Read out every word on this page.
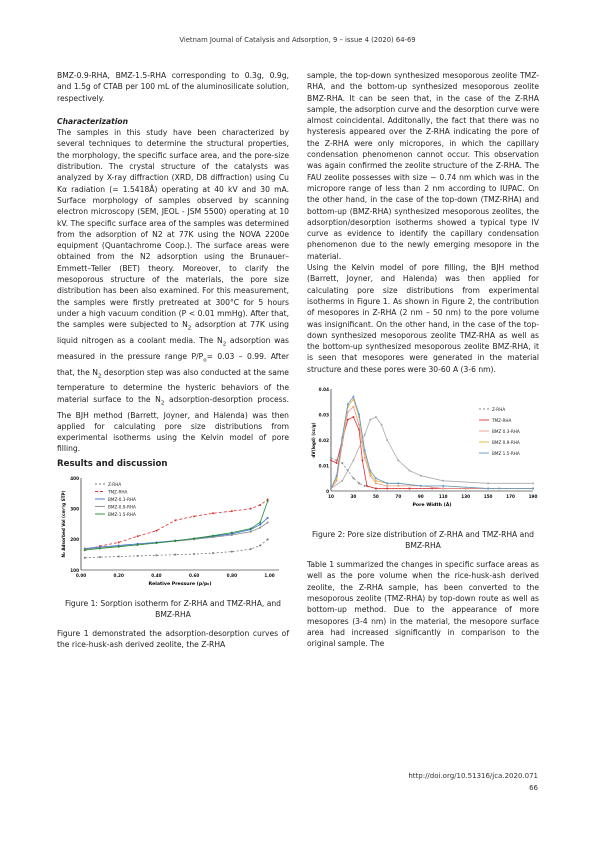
Vietnam Journal of Catalysis and Adsorption, 9 – issue 4 (2020) 64-69

BMZ-0.9-RHA, BMZ-1.5-RHA corresponding to 0.3g, 0.9g, and 1.5g of CTAB per 100 mL of the aluminosilicate solution, respectively.

Characterization

The samples in this study have been characterized by several techniques to determine the structural properties, the morphology, the specific surface area, and the pore-size distribution. The crystal structure of the catalysts was analyzed by X-ray diffraction (XRD, D8 diffraction) using Cu Kα radiation (= 1.5418Å) operating at 40 kV and 30 mA. Surface morphology of samples observed by scanning electron microscopy (SEM, JEOL - JSM 5500) operating at 10 kV. The specific surface area of the samples was determined from the adsorption of N2 at 77K using the NOVA 2200e equipment (Quantachrome Coop.). The surface areas were obtained from the N2 adsorption using the Brunauer–Emmett–Teller (BET) theory. Moreover, to clarify the mesoporous structure of the materials, the pore size distribution has been also examined. For this measurement, the samples were firstly pretreated at 300°C for 5 hours under a high vacuum condition (P < 0.01 mmHg). After that, the samples were subjected to $N_2$ adsorption at 77K using liquid nitrogen as a coolant media. The $N_2$ adsorption was measured in the pressure range $P/P_o= 0.03 - 0.99$. After that, the $N_2$ desorption step was also conducted at the same temperature to determine the hysteric behaviors of the material surface to the $N_2$ adsorption-desorption process. The BJH method (Barrett, Joyner, and Halenda) was then applied for calculating pore size distributions from experimental isotherms using the Kelvin model of pore filling.

Results and discussion

0.00	0.20	0.40	0.60	0.80	1.00
100
200
300
400
Relative Pressure (p/p₀)
N₂ Adsorbed Vol (cm³/g STP)
Z-RHA
TMZ-RHA
BMZ-0.3-RHA
BMZ-0.9-RHA
BMZ-1.5-RHA

Figure 1: Sorption isotherm for Z-RHA and TMZ-RHA, and BMZ-RHA

Figure 1 demonstrated the adsorption-desorption curves of the rice-husk-ash derived zeolite, the Z-RHA

sample, the top-down synthesized mesoporous zeolite TMZ-RHA, and the bottom-up synthesized mesoporous zeolite BMZ-RHA. It can be seen that, in the case of the Z-RHA sample, the adsorption curve and the desorption curve were almost coincidental. Additonally, the fact that there was no hysteresis appeared over the Z-RHA indicating the pore of the Z-RHA were only micropores, in which the capillary condensation phenomenon cannot occur. This observation was again confirmed the zeolite structure of the Z-RHA. The FAU zeolite possesses with size ~ 0.74 nm which was in the micropore range of less than 2 nm according to IUPAC. On the other hand, in the case of the top-down (TMZ-RHA) and bottom-up (BMZ-RHA) synthesized mesoporous zeolites, the adsorption/desorption isotherms showed a typical type IV curve as evidence to identify the capillary condensation phenomenon due to the newly emerging mesopore in the material.

Using the Kelvin model of pore filling, the BJH method (Barrett, Joyner, and Halenda) was then applied for calculating pore size distributions from experimental isotherms in Figure 1. As shown in Figure 2, the contribution of mesopores in Z-RHA (2 nm – 50 nm) to the pore volume was insignificant. On the other hand, in the case of the top-down synthesized mesoporous zeolite TMZ-RHA as well as the bottom-up synthesized mesoporous zeolite BMZ-RHA, it is seen that mesopores were generated in the material structure and these pores were 30-60 A (3-6 nm).

10	30	50	70	90	110	130	150	170	190
0
0.01
0.02
0.03
0.04
Pore Width (Å)
dV(logd) (cc/g)
Z-RHA
TMZ-RHA
BMZ 0.3-RHA
BMZ 0.9-RHA
BMZ 1.5-RHA

Figure 2: Pore size distribution of Z-RHA and TMZ-RHA and BMZ-RHA

Table 1 summarized the changes in specific surface areas as well as the pore volume when the rice-husk-ash derived zeolite, the Z-RHA sample, has been converted to the mesoporous zeolite (TMZ-RHA) by top-down route as well as bottom-up method. Due to the appearance of more mesopores (3-4 nm) in the material, the mesopore surface area had increased significantly in comparison to the original sample. The

http://doi.org/10.51316/jca.2020.071
66
